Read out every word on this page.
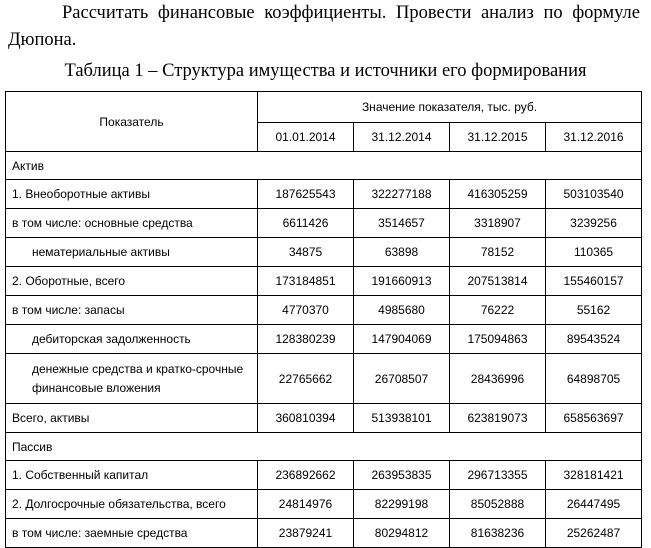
Рассчитать финансовые коэффициенты. Провести анализ по формуле
Дюпона.
Таблица 1 – Структура имущества и источники его формирования
Показатель	Значение показателя, тыс. руб.			
	01.01.2014	31.12.2014	31.12.2015	31.12.2016
Актив				
1. Внеоборотные активы	187625543	322277188	416305259	503103540
в том числе: основные средства	6611426	3514657	3318907	3239256
нематериальные активы	34875	63898	78152	110365
2. Оборотные, всего	173184851	191660913	207513814	155460157
в том числе: запасы	4770370	4985680	76222	55162
дебиторская задолженность	128380239	147904069	175094863	89543524
денежные средства и кратко-срочные финансовые вложения	22765662	26708507	28436996	64898705
Всего, активы	360810394	513938101	623819073	658563697
Пассив				
1. Собственный капитал	236892662	263953835	296713355	328181421
2. Долгосрочные обязательства, всего	24814976	82299198	85052888	26447495
в том числе: заемные средства	23879241	80294812	81638236	25262487
